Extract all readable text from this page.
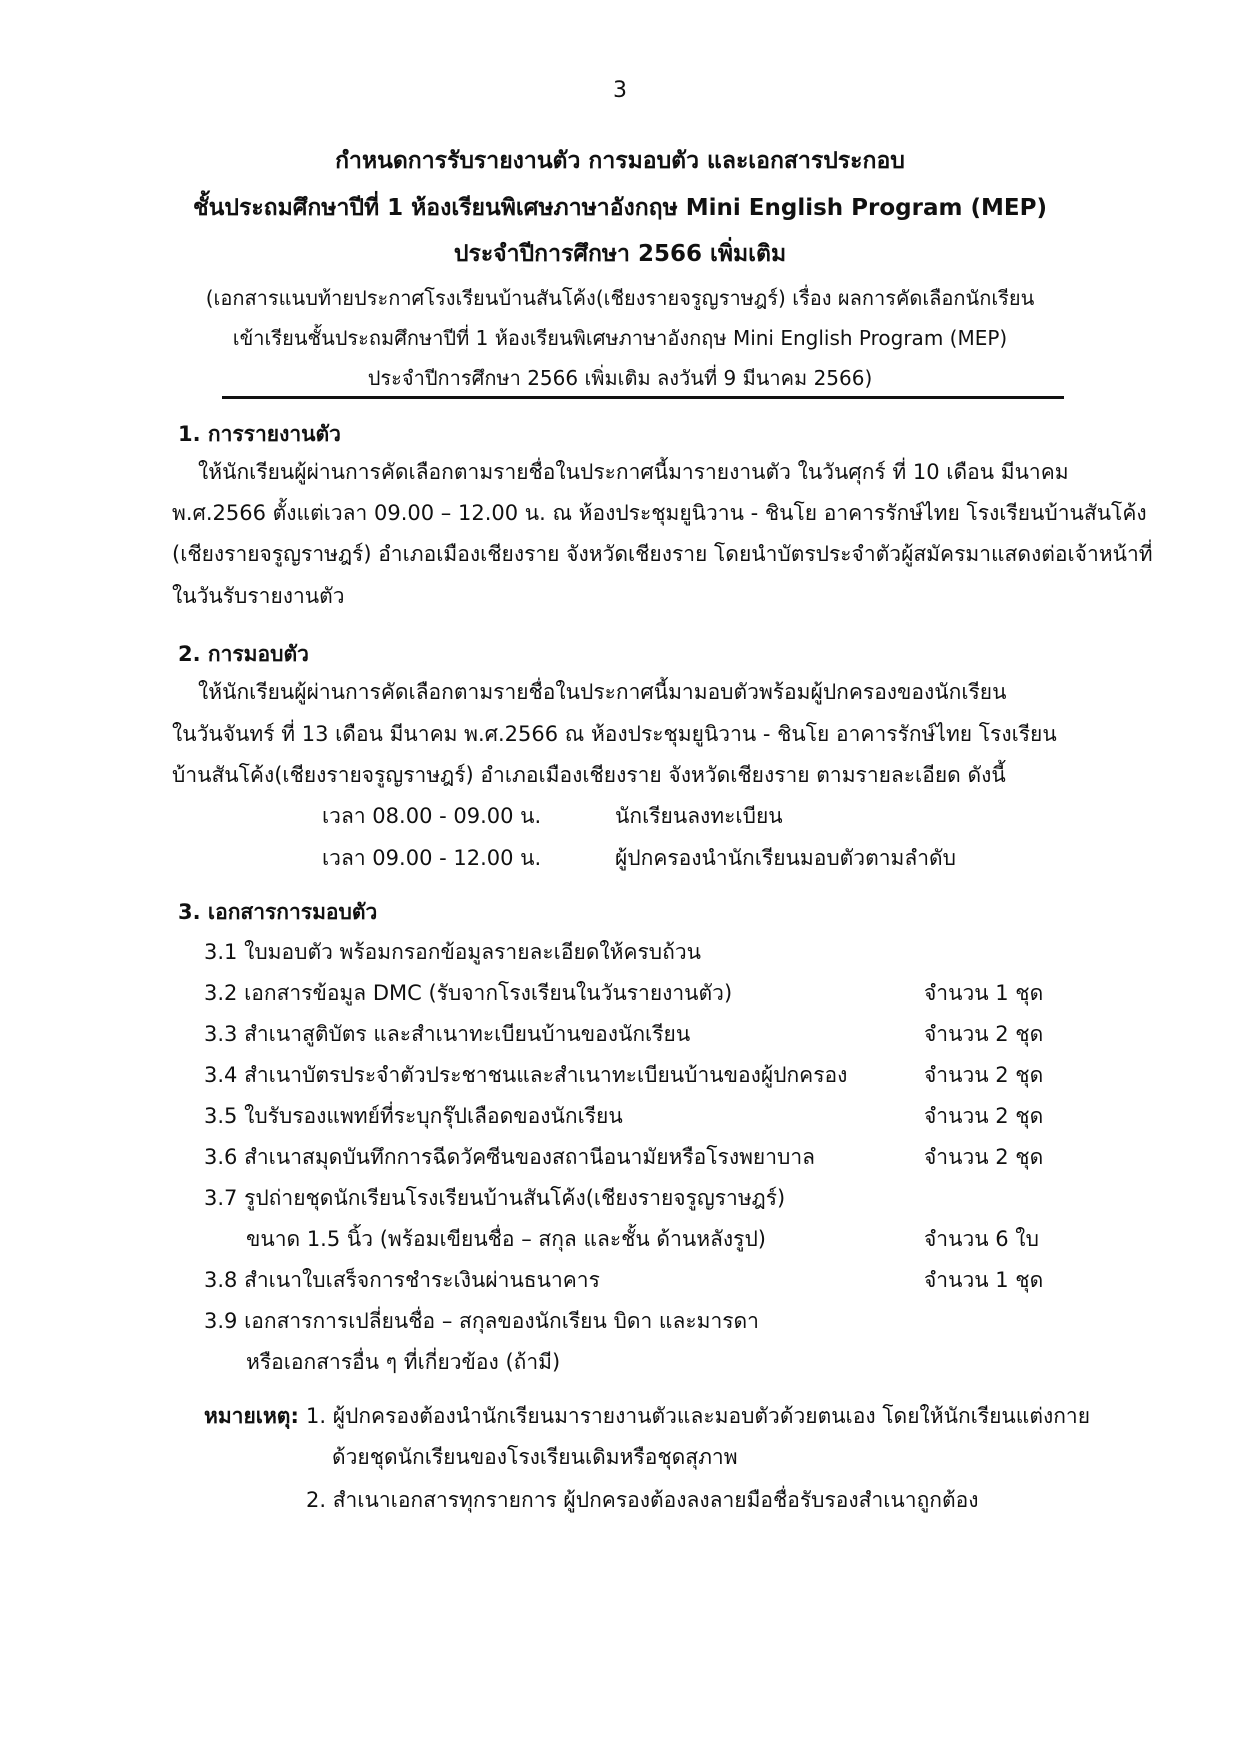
3
กำหนดการรับรายงานตัว การมอบตัว และเอกสารประกอบ
ชั้นประถมศึกษาปีที่ 1 ห้องเรียนพิเศษภาษาอังกฤษ Mini English Program (MEP)
ประจำปีการศึกษา 2566 เพิ่มเติม
(เอกสารแนบท้ายประกาศโรงเรียนบ้านสันโค้ง(เชียงรายจรูญราษฎร์) เรื่อง ผลการคัดเลือกนักเรียน
เข้าเรียนชั้นประถมศึกษาปีที่ 1 ห้องเรียนพิเศษภาษาอังกฤษ Mini English Program (MEP)
ประจำปีการศึกษา 2566 เพิ่มเติม ลงวันที่ 9 มีนาคม 2566)
1. การรายงานตัว
ให้นักเรียนผู้ผ่านการคัดเลือกตามรายชื่อในประกาศนี้มารายงานตัว ในวันศุกร์ ที่ 10 เดือน มีนาคม
พ.ศ.2566 ตั้งแต่เวลา 09.00 – 12.00 น. ณ ห้องประชุมยูนิวาน - ชินโย อาคารรักษ์ไทย โรงเรียนบ้านสันโค้ง
(เชียงรายจรูญราษฎร์) อำเภอเมืองเชียงราย จังหวัดเชียงราย โดยนำบัตรประจำตัวผู้สมัครมาแสดงต่อเจ้าหน้าที่
ในวันรับรายงานตัว
2. การมอบตัว
ให้นักเรียนผู้ผ่านการคัดเลือกตามรายชื่อในประกาศนี้มามอบตัวพร้อมผู้ปกครองของนักเรียน
ในวันจันทร์ ที่ 13 เดือน มีนาคม พ.ศ.2566 ณ ห้องประชุมยูนิวาน - ชินโย อาคารรักษ์ไทย โรงเรียน
บ้านสันโค้ง(เชียงรายจรูญราษฎร์) อำเภอเมืองเชียงราย จังหวัดเชียงราย ตามรายละเอียด ดังนี้
เวลา 08.00 - 09.00 น.	นักเรียนลงทะเบียน
เวลา 09.00 - 12.00 น.	ผู้ปกครองนำนักเรียนมอบตัวตามลำดับ
3. เอกสารการมอบตัว
3.1 ใบมอบตัว พร้อมกรอกข้อมูลรายละเอียดให้ครบถ้วน
3.2 เอกสารข้อมูล DMC (รับจากโรงเรียนในวันรายงานตัว)	จำนวน 1 ชุด
3.3 สำเนาสูติบัตร และสำเนาทะเบียนบ้านของนักเรียน	จำนวน 2 ชุด
3.4 สำเนาบัตรประจำตัวประชาชนและสำเนาทะเบียนบ้านของผู้ปกครอง	จำนวน 2 ชุด
3.5 ใบรับรองแพทย์ที่ระบุกรุ๊ปเลือดของนักเรียน	จำนวน 2 ชุด
3.6 สำเนาสมุดบันทึกการฉีดวัคซีนของสถานีอนามัยหรือโรงพยาบาล	จำนวน 2 ชุด
3.7 รูปถ่ายชุดนักเรียนโรงเรียนบ้านสันโค้ง(เชียงรายจรูญราษฎร์)
ขนาด 1.5 นิ้ว (พร้อมเขียนชื่อ – สกุล และชั้น ด้านหลังรูป)	จำนวน 6 ใบ
3.8 สำเนาใบเสร็จการชำระเงินผ่านธนาคาร	จำนวน 1 ชุด
3.9 เอกสารการเปลี่ยนชื่อ – สกุลของนักเรียน บิดา และมารดา
หรือเอกสารอื่น ๆ ที่เกี่ยวข้อง (ถ้ามี)
หมายเหตุ: 1. ผู้ปกครองต้องนำนักเรียนมารายงานตัวและมอบตัวด้วยตนเอง โดยให้นักเรียนแต่งกาย
ด้วยชุดนักเรียนของโรงเรียนเดิมหรือชุดสุภาพ
2. สำเนาเอกสารทุกรายการ ผู้ปกครองต้องลงลายมือชื่อรับรองสำเนาถูกต้อง
